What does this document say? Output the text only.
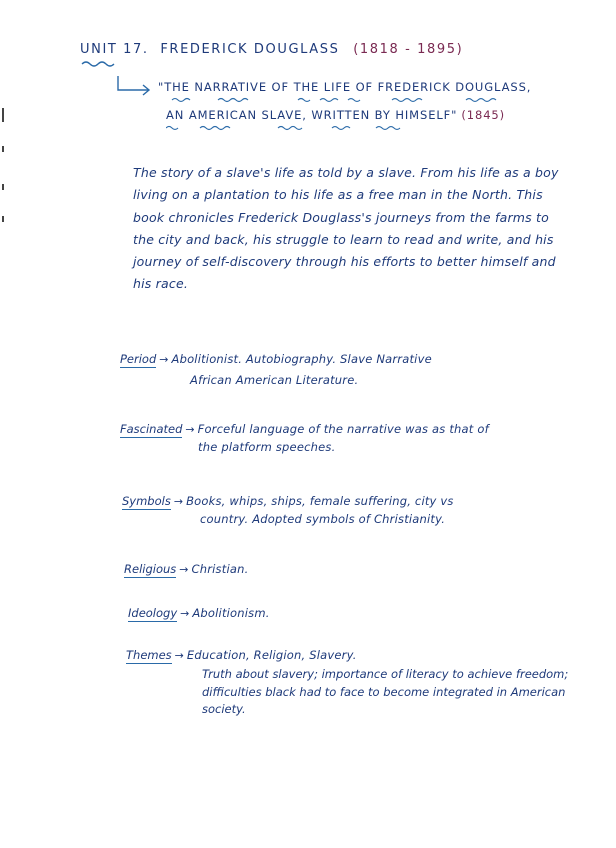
UNIT 17. FREDERICK DOUGLASS (1818 - 1895)
"THE NARRATIVE OF THE LIFE OF FREDERICK DOUGLASS,
AN AMERICAN SLAVE, WRITTEN BY HIMSELF" (1845)
The story of a slave's life as told by a slave. From his life as a boy living on a plantation to his life as a free man in the North. This book chronicles Frederick Douglass's journeys from the farms to the city and back, his struggle to learn to read and write, and his journey of self-discovery through his efforts to better himself and his race.
Period → Abolitionist. Autobiography. Slave Narrative
African American Literature.
Fascinated → Forceful language of the narrative was as that of
the platform speeches.
Symbols → Books, whips, ships, female suffering, city vs
country. Adopted symbols of Christianity.
Religious → Christian.
Ideology → Abolitionism.
Themes → Education, Religion, Slavery.
Truth about slavery; importance of literacy to achieve freedom; difficulties black had to face to become integrated in American society.
